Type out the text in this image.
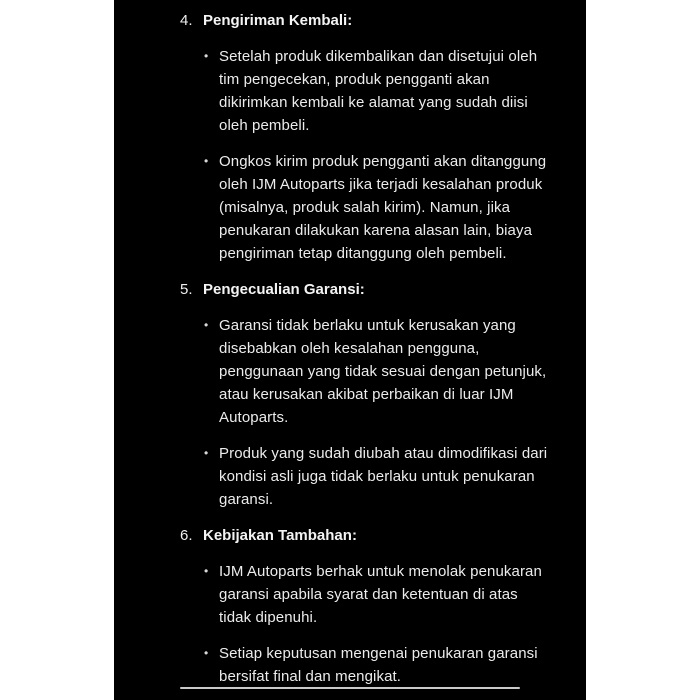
4. Pengiriman Kembali:
• Setelah produk dikembalikan dan disetujui oleh tim pengecekan, produk pengganti akan dikirimkan kembali ke alamat yang sudah diisi oleh pembeli.
• Ongkos kirim produk pengganti akan ditanggung oleh IJM Autoparts jika terjadi kesalahan produk (misalnya, produk salah kirim). Namun, jika penukaran dilakukan karena alasan lain, biaya pengiriman tetap ditanggung oleh pembeli.
5. Pengecualian Garansi:
• Garansi tidak berlaku untuk kerusakan yang disebabkan oleh kesalahan pengguna, penggunaan yang tidak sesuai dengan petunjuk, atau kerusakan akibat perbaikan di luar IJM Autoparts.
• Produk yang sudah diubah atau dimodifikasi dari kondisi asli juga tidak berlaku untuk penukaran garansi.
6. Kebijakan Tambahan:
• IJM Autoparts berhak untuk menolak penukaran garansi apabila syarat dan ketentuan di atas tidak dipenuhi.
• Setiap keputusan mengenai penukaran garansi bersifat final dan mengikat.
